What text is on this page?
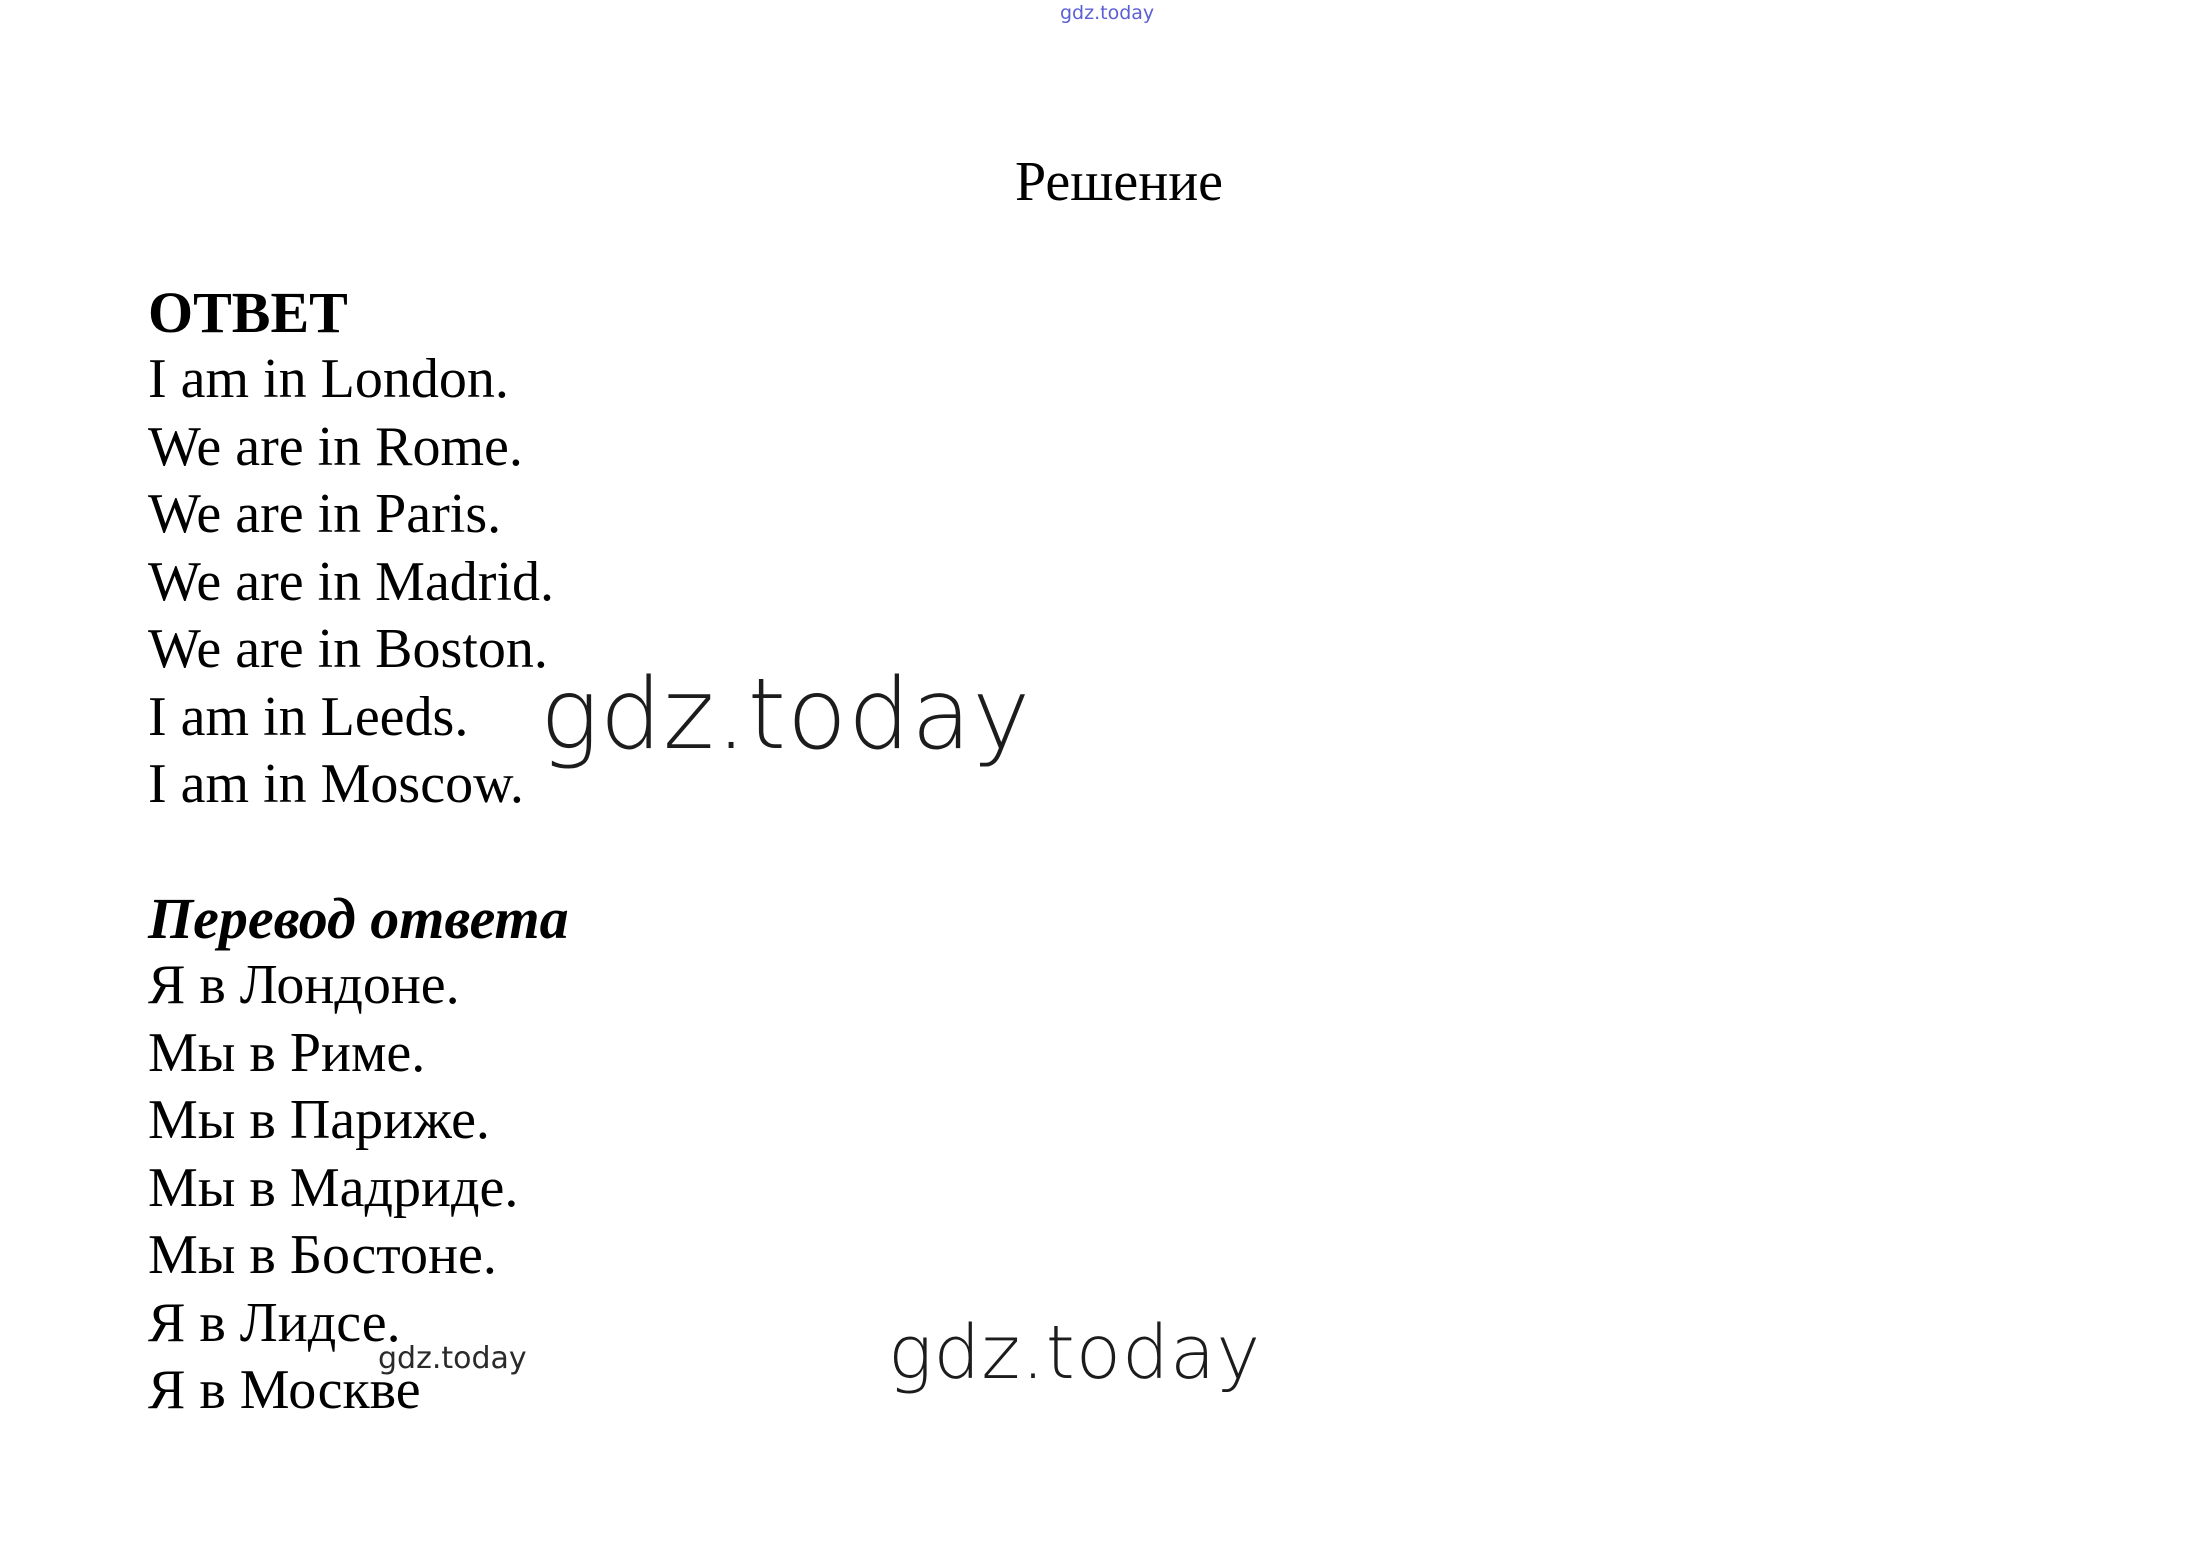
gdz.today
Решение
ОТВЕТ
I am in London.
We are in Rome.
We are in Paris.
We are in Madrid.
We are in Boston.
I am in Leeds.
I am in Moscow.
Перевод ответа
Я в Лондоне.
Мы в Риме.
Мы в Париже.
Мы в Мадриде.
Мы в Бостоне.
Я в Лидсе.
Я в Москве
gdz.today
gdz.today
gdz.today
